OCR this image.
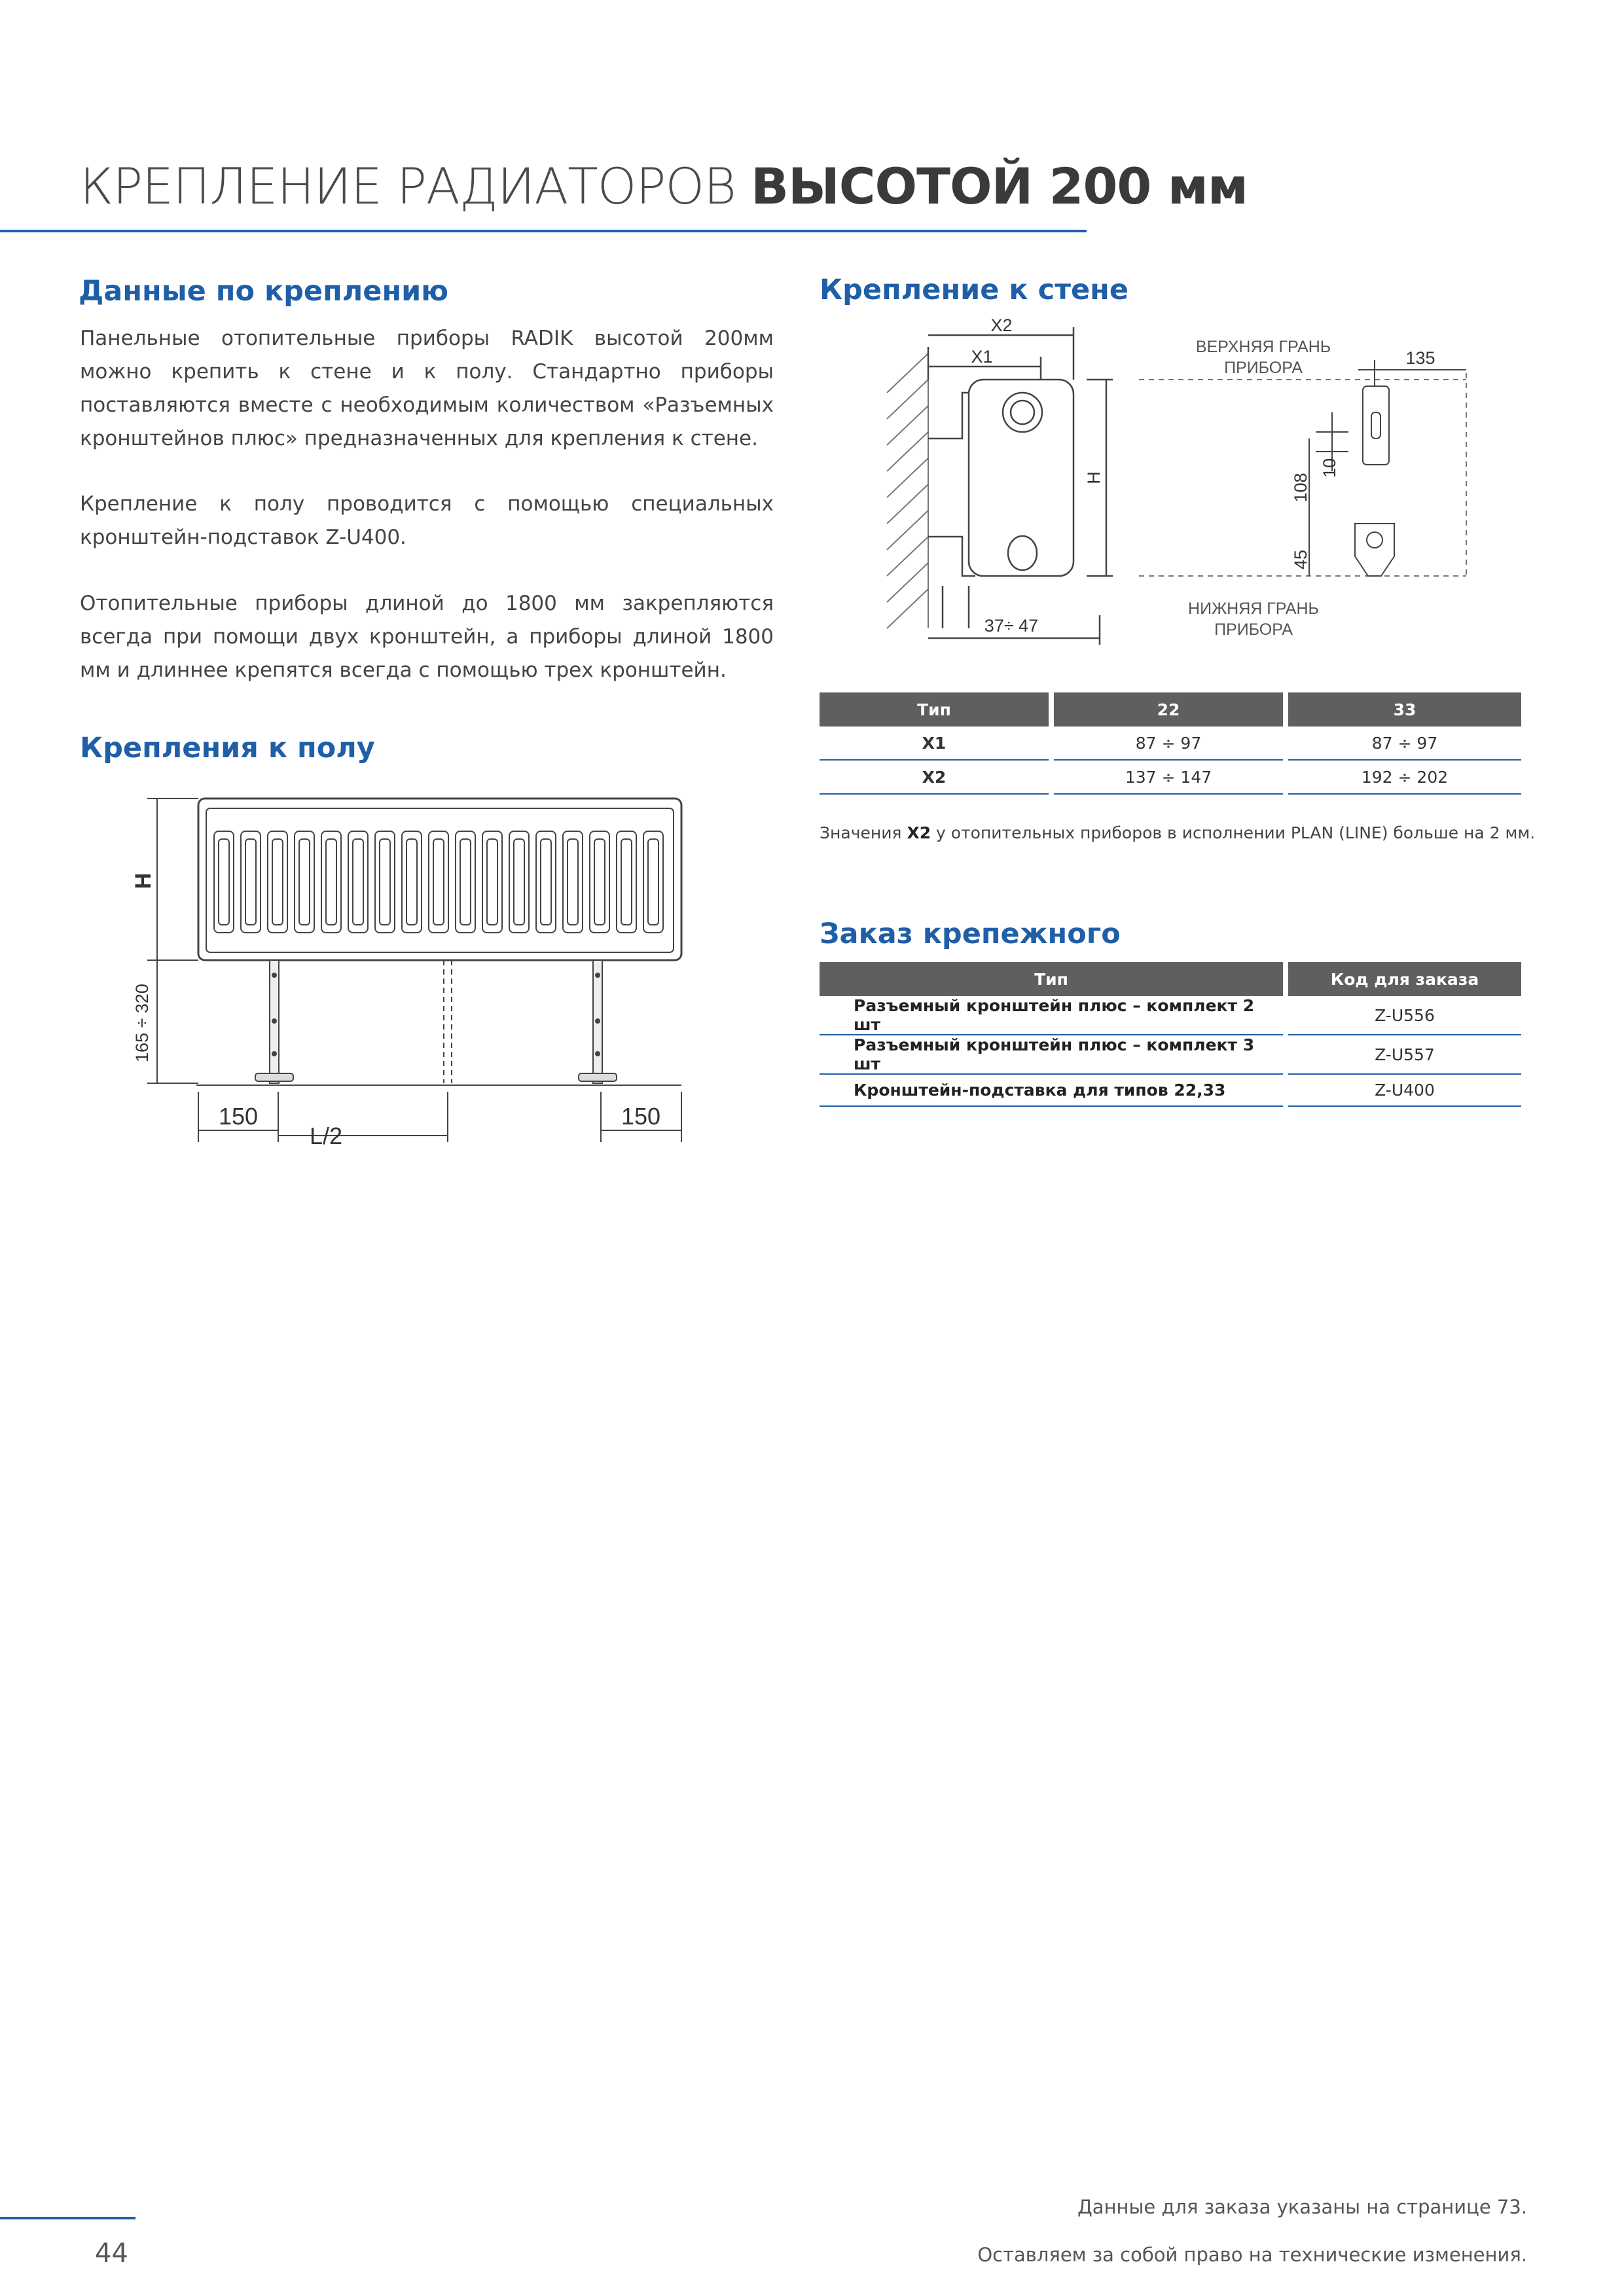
КРЕПЛЕНИЕ РАДИАТОРОВ ВЫСОТОЙ 200 мм
Данные по креплению

Панельные отопительные приборы RADIK высотой 200мм можно крепить к стене и к полу. Стандартно приборы поставляются вместе с необходимым количеством «Разъемных кронштейнов плюс» предназначенных для крепления к стене.

Крепление к полу проводится с помощью специальных кронштейн-подставок Z-U400.

Отопительные приборы длиной до 1800 мм закрепляются всегда при помощи двух кронштейн, а приборы длиной 1800 мм и длиннее крепятся всегда с помощью трех кронштейн.

Крепления к полу
H
165 ÷ 320
150
L/2
150
Крепление к стене
X2
X1
H
37÷ 47
ВЕРХНЯЯ ГРАНЬ
ПРИБОРА
НИЖНЯЯ ГРАНЬ
ПРИБОРА
135
10
108
45
Тип	22	33
X1	87 ÷ 97	87 ÷ 97
X2	137 ÷ 147	192 ÷ 202
Значения X2 у отопительных приборов в исполнении PLAN (LINE) больше на 2 мм.
Заказ крепежного
Тип	Код для заказа
Разъемный кронштейн плюс – комплект 2 шт	Z-U556
Разъемный кронштейн плюс – комплект 3 шт	Z-U557
Кронштейн-подставка для типов 22,33	Z-U400
44
Данные для заказа указаны на странице 73.
Оставляем за собой право на технические изменения.
